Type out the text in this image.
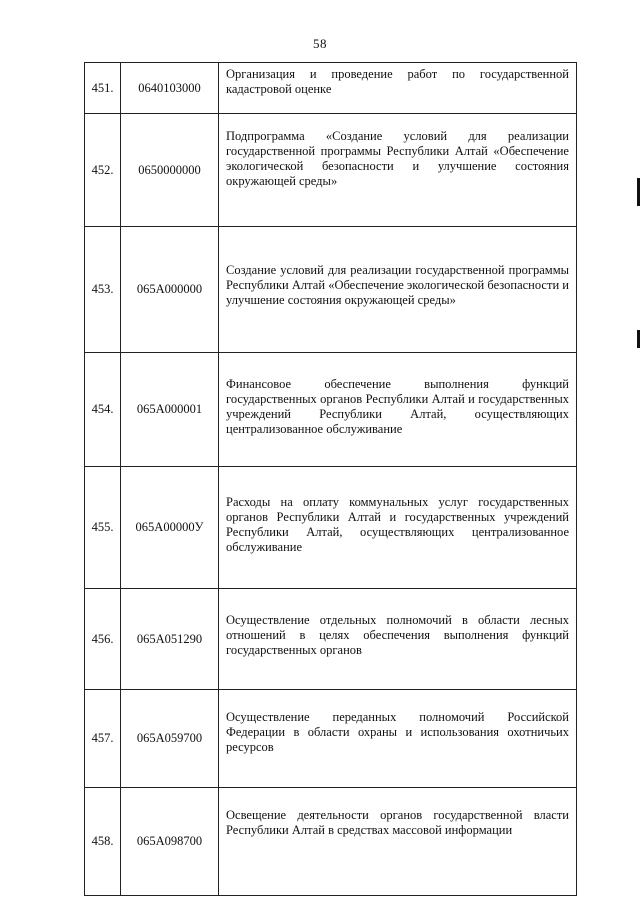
58
451.	0640103000	Организация и проведение работ по государственной кадастровой оценке
452.	0650000000	Подпрограмма «Создание условий для реализации государственной программы Республики Алтай «Обеспечение экологической безопасности и улучшение состояния окружающей среды»
453.	065А000000	Создание условий для реализации государственной программы Республики Алтай «Обеспечение экологической безопасности и улучшение состояния окружающей среды»
454.	065А000001	Финансовое обеспечение выполнения функций государственных органов Республики Алтай и государственных учреждений Республики Алтай, осуществляющих централизованное обслуживание
455.	065А00000У	Расходы на оплату коммунальных услуг государственных органов Республики Алтай и государственных учреждений Республики Алтай, осуществляющих централизованное обслуживание
456.	065А051290	Осуществление отдельных полномочий в области лесных отношений в целях обеспечения выполнения функций государственных органов
457.	065А059700	Осуществление переданных полномочий Российской Федерации в области охраны и использования охотничьих ресурсов
458.	065А098700	Освещение деятельности органов государственной власти Республики Алтай в средствах массовой информации
